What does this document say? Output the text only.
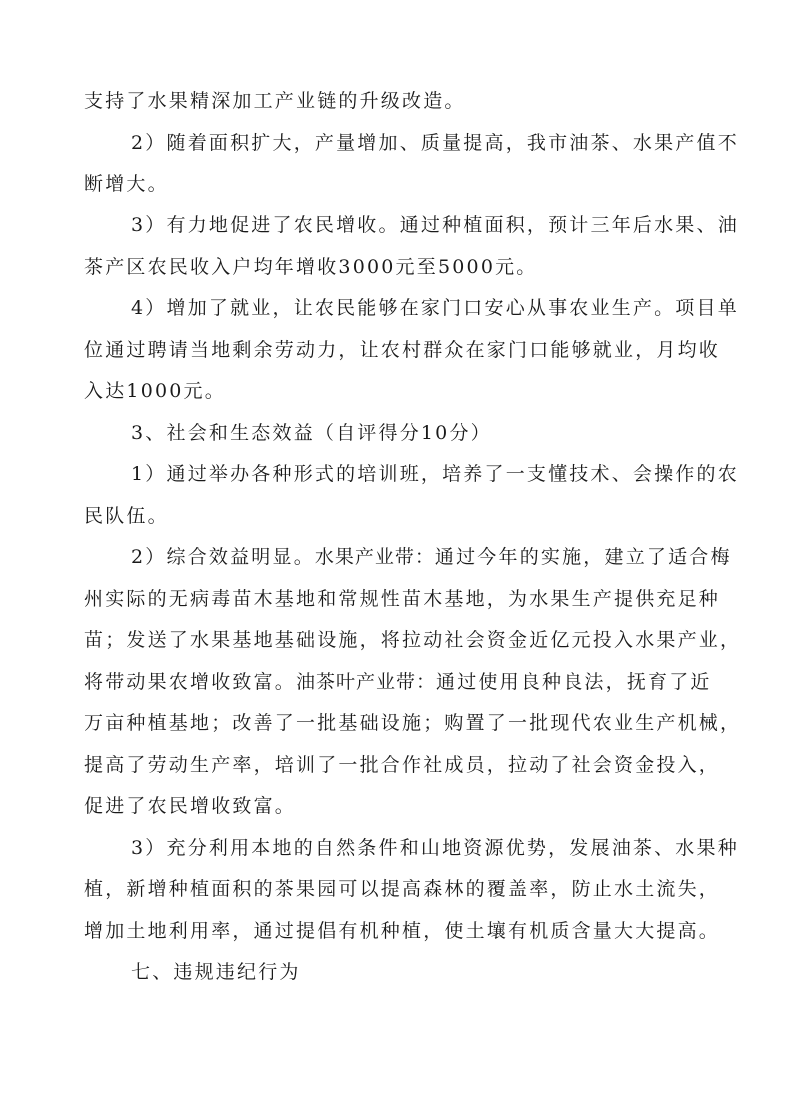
支持了水果精深加工产业链的升级改造。
2）随着面积扩大，产量增加、质量提高，我市油茶、水果产值不
断增大。
3）有力地促进了农民增收。通过种植面积，预计三年后水果、油
茶产区农民收入户均年增收3000元至5000元。
4）增加了就业，让农民能够在家门口安心从事农业生产。项目单
位通过聘请当地剩余劳动力，让农村群众在家门口能够就业，月均收
入达1000元。
3、社会和生态效益（自评得分10分）
1）通过举办各种形式的培训班，培养了一支懂技术、会操作的农
民队伍。
2）综合效益明显。水果产业带：通过今年的实施，建立了适合梅
州实际的无病毒苗木基地和常规性苗木基地，为水果生产提供充足种
苗；发送了水果基地基础设施，将拉动社会资金近亿元投入水果产业，
将带动果农增收致富。油茶叶产业带：通过使用良种良法，抚育了近
万亩种植基地；改善了一批基础设施；购置了一批现代农业生产机械，
提高了劳动生产率，培训了一批合作社成员，拉动了社会资金投入，
促进了农民增收致富。
3）充分利用本地的自然条件和山地资源优势，发展油茶、水果种
植，新增种植面积的茶果园可以提高森林的覆盖率，防止水土流失，
增加土地利用率，通过提倡有机种植，使土壤有机质含量大大提高。
七、违规违纪行为
